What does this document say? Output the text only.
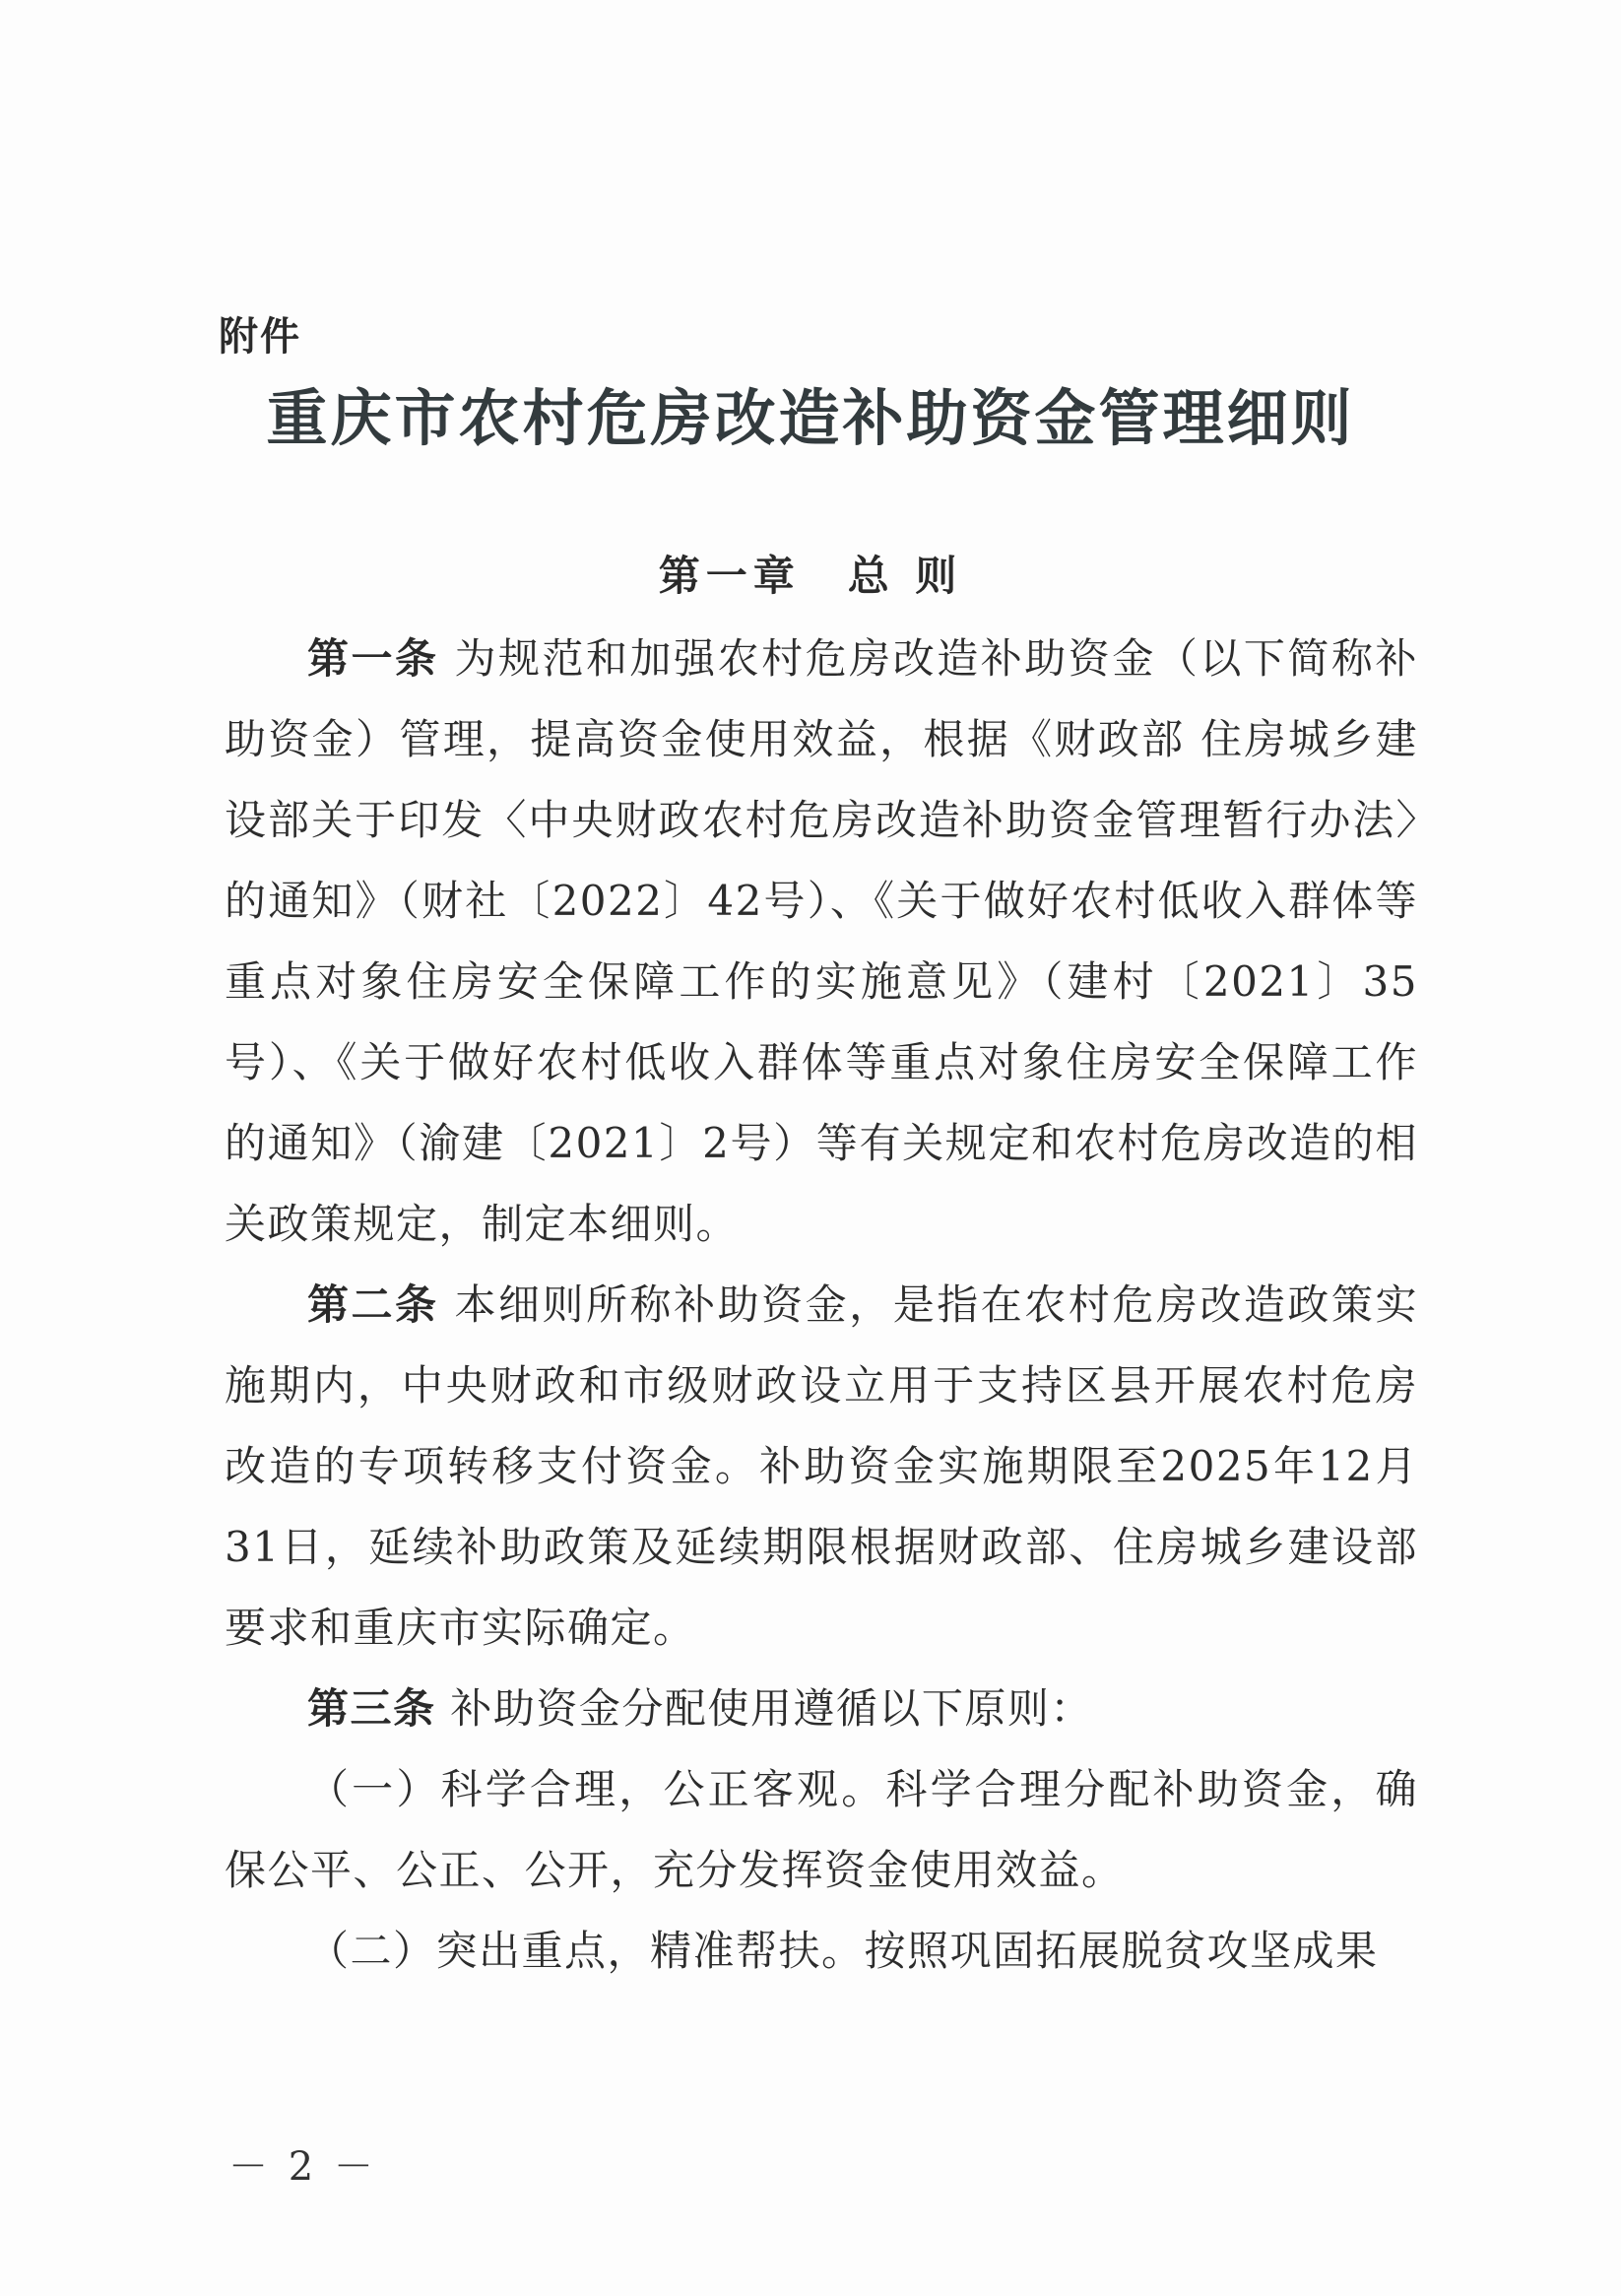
附件
重庆市农村危房改造补助资金管理细则
第一章　总 则

第一条 为规范和加强农村危房改造补助资金（以下简称补助资金）管理，提高资金使用效益，根据《财政部 住房城乡建设部关于印发〈中央财政农村危房改造补助资金管理暂行办法〉的通知》（财社〔2022〕42号）、《关于做好农村低收入群体等重点对象住房安全保障工作的实施意见》（建村〔2021〕35号）、《关于做好农村低收入群体等重点对象住房安全保障工作的通知》（渝建〔2021〕2号）等有关规定和农村危房改造的相关政策规定，制定本细则。

第二条 本细则所称补助资金，是指在农村危房改造政策实施期内，中央财政和市级财政设立用于支持区县开展农村危房改造的专项转移支付资金。补助资金实施期限至2025年12月31日，延续补助政策及延续期限根据财政部、住房城乡建设部要求和重庆市实际确定。

第三条 补助资金分配使用遵循以下原则：

（一）科学合理，公正客观。科学合理分配补助资金，确保公平、公正、公开，充分发挥资金使用效益。

（二）突出重点，精准帮扶。按照巩固拓展脱贫攻坚成果

－ 2 －
